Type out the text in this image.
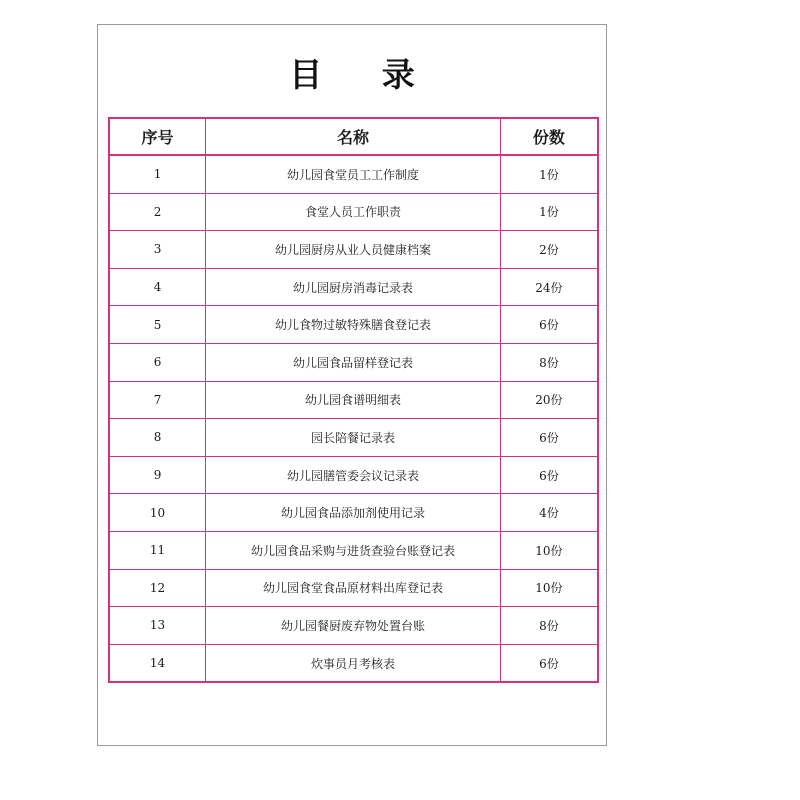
目 录
序号	名称	份数
1	幼儿园食堂员工工作制度	1份
2	食堂人员工作职责	1份
3	幼儿园厨房从业人员健康档案	2份
4	幼儿园厨房消毒记录表	24份
5	幼儿食物过敏特殊膳食登记表	6份
6	幼儿园食品留样登记表	8份
7	幼儿园食谱明细表	20份
8	园长陪餐记录表	6份
9	幼儿园膳管委会议记录表	6份
10	幼儿园食品添加剂使用记录	4份
11	幼儿园食品采购与进货查验台账登记表	10份
12	幼儿园食堂食品原材料出库登记表	10份
13	幼儿园餐厨废弃物处置台账	8份
14	炊事员月考核表	6份
